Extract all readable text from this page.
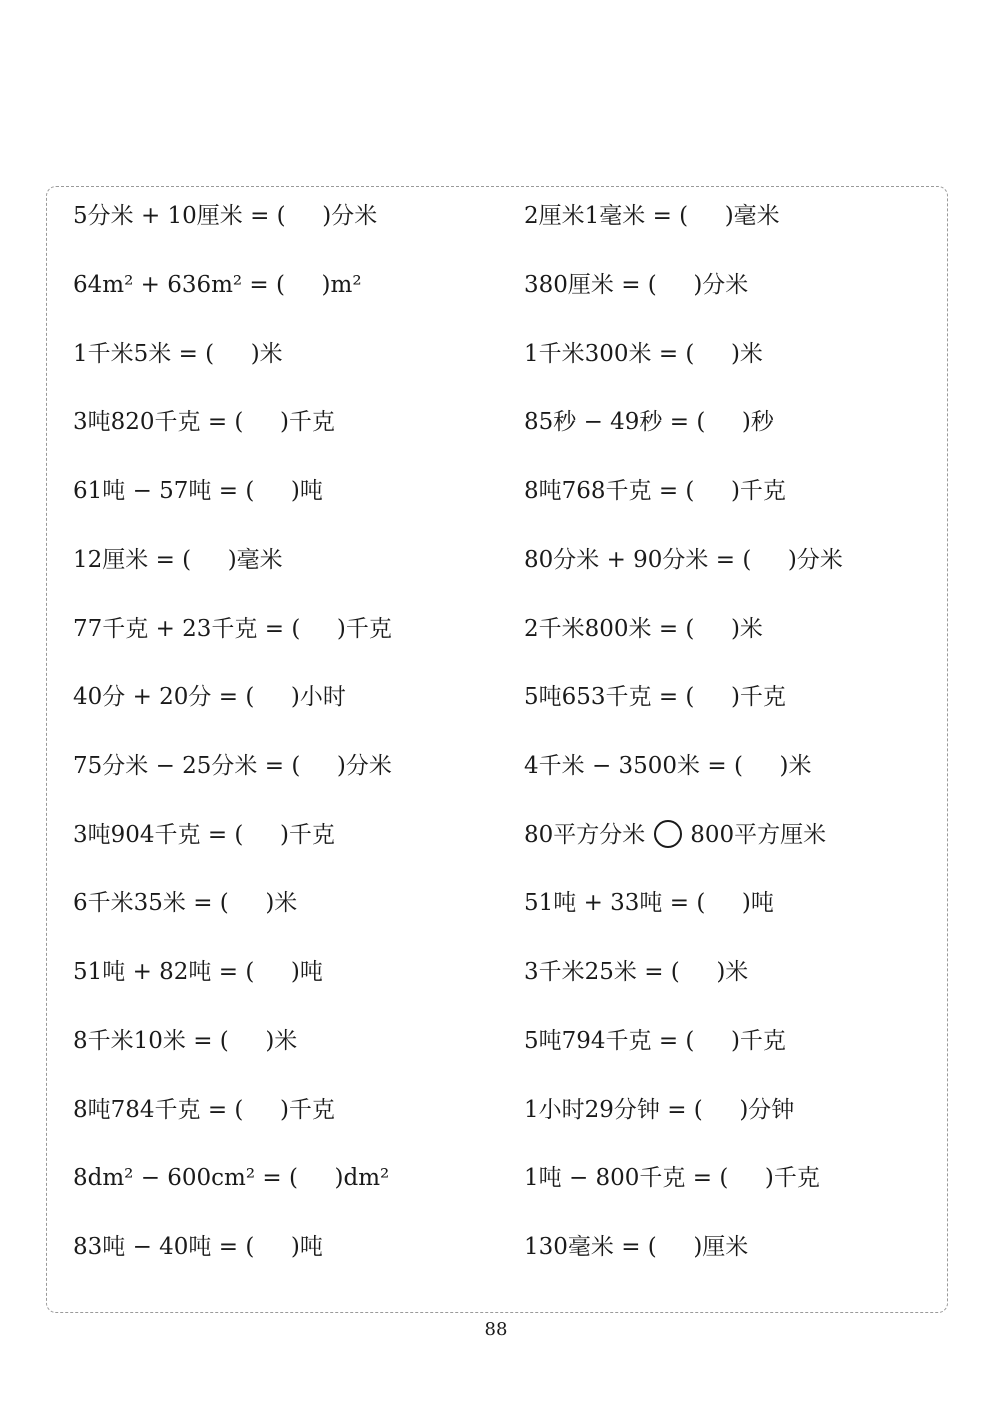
5分米 + 10厘米 = (     )分米	2厘米1毫米 = (     )毫米
64m² + 636m² = (     )m²	380厘米 = (     )分米
1千米5米 = (     )米	1千米300米 = (     )米
3吨820千克 = (     )千克	85秒 − 49秒 = (     )秒
61吨 − 57吨 = (     )吨	8吨768千克 = (     )千克
12厘米 = (     )毫米	80分米 + 90分米 = (     )分米
77千克 + 23千克 = (     )千克	2千米800米 = (     )米
40分 + 20分 = (     )小时	5吨653千克 = (     )千克
75分米 − 25分米 = (     )分米	4千米 − 3500米 = (     )米
3吨904千克 = (     )千克	80平方分米 800平方厘米
6千米35米 = (     )米	51吨 + 33吨 = (     )吨
51吨 + 82吨 = (     )吨	3千米25米 = (     )米
8千米10米 = (     )米	5吨794千克 = (     )千克
8吨784千克 = (     )千克	1小时29分钟 = (     )分钟
8dm² − 600cm² = (     )dm²	1吨 − 800千克 = (     )千克
83吨 − 40吨 = (     )吨	130毫米 = (     )厘米
88
